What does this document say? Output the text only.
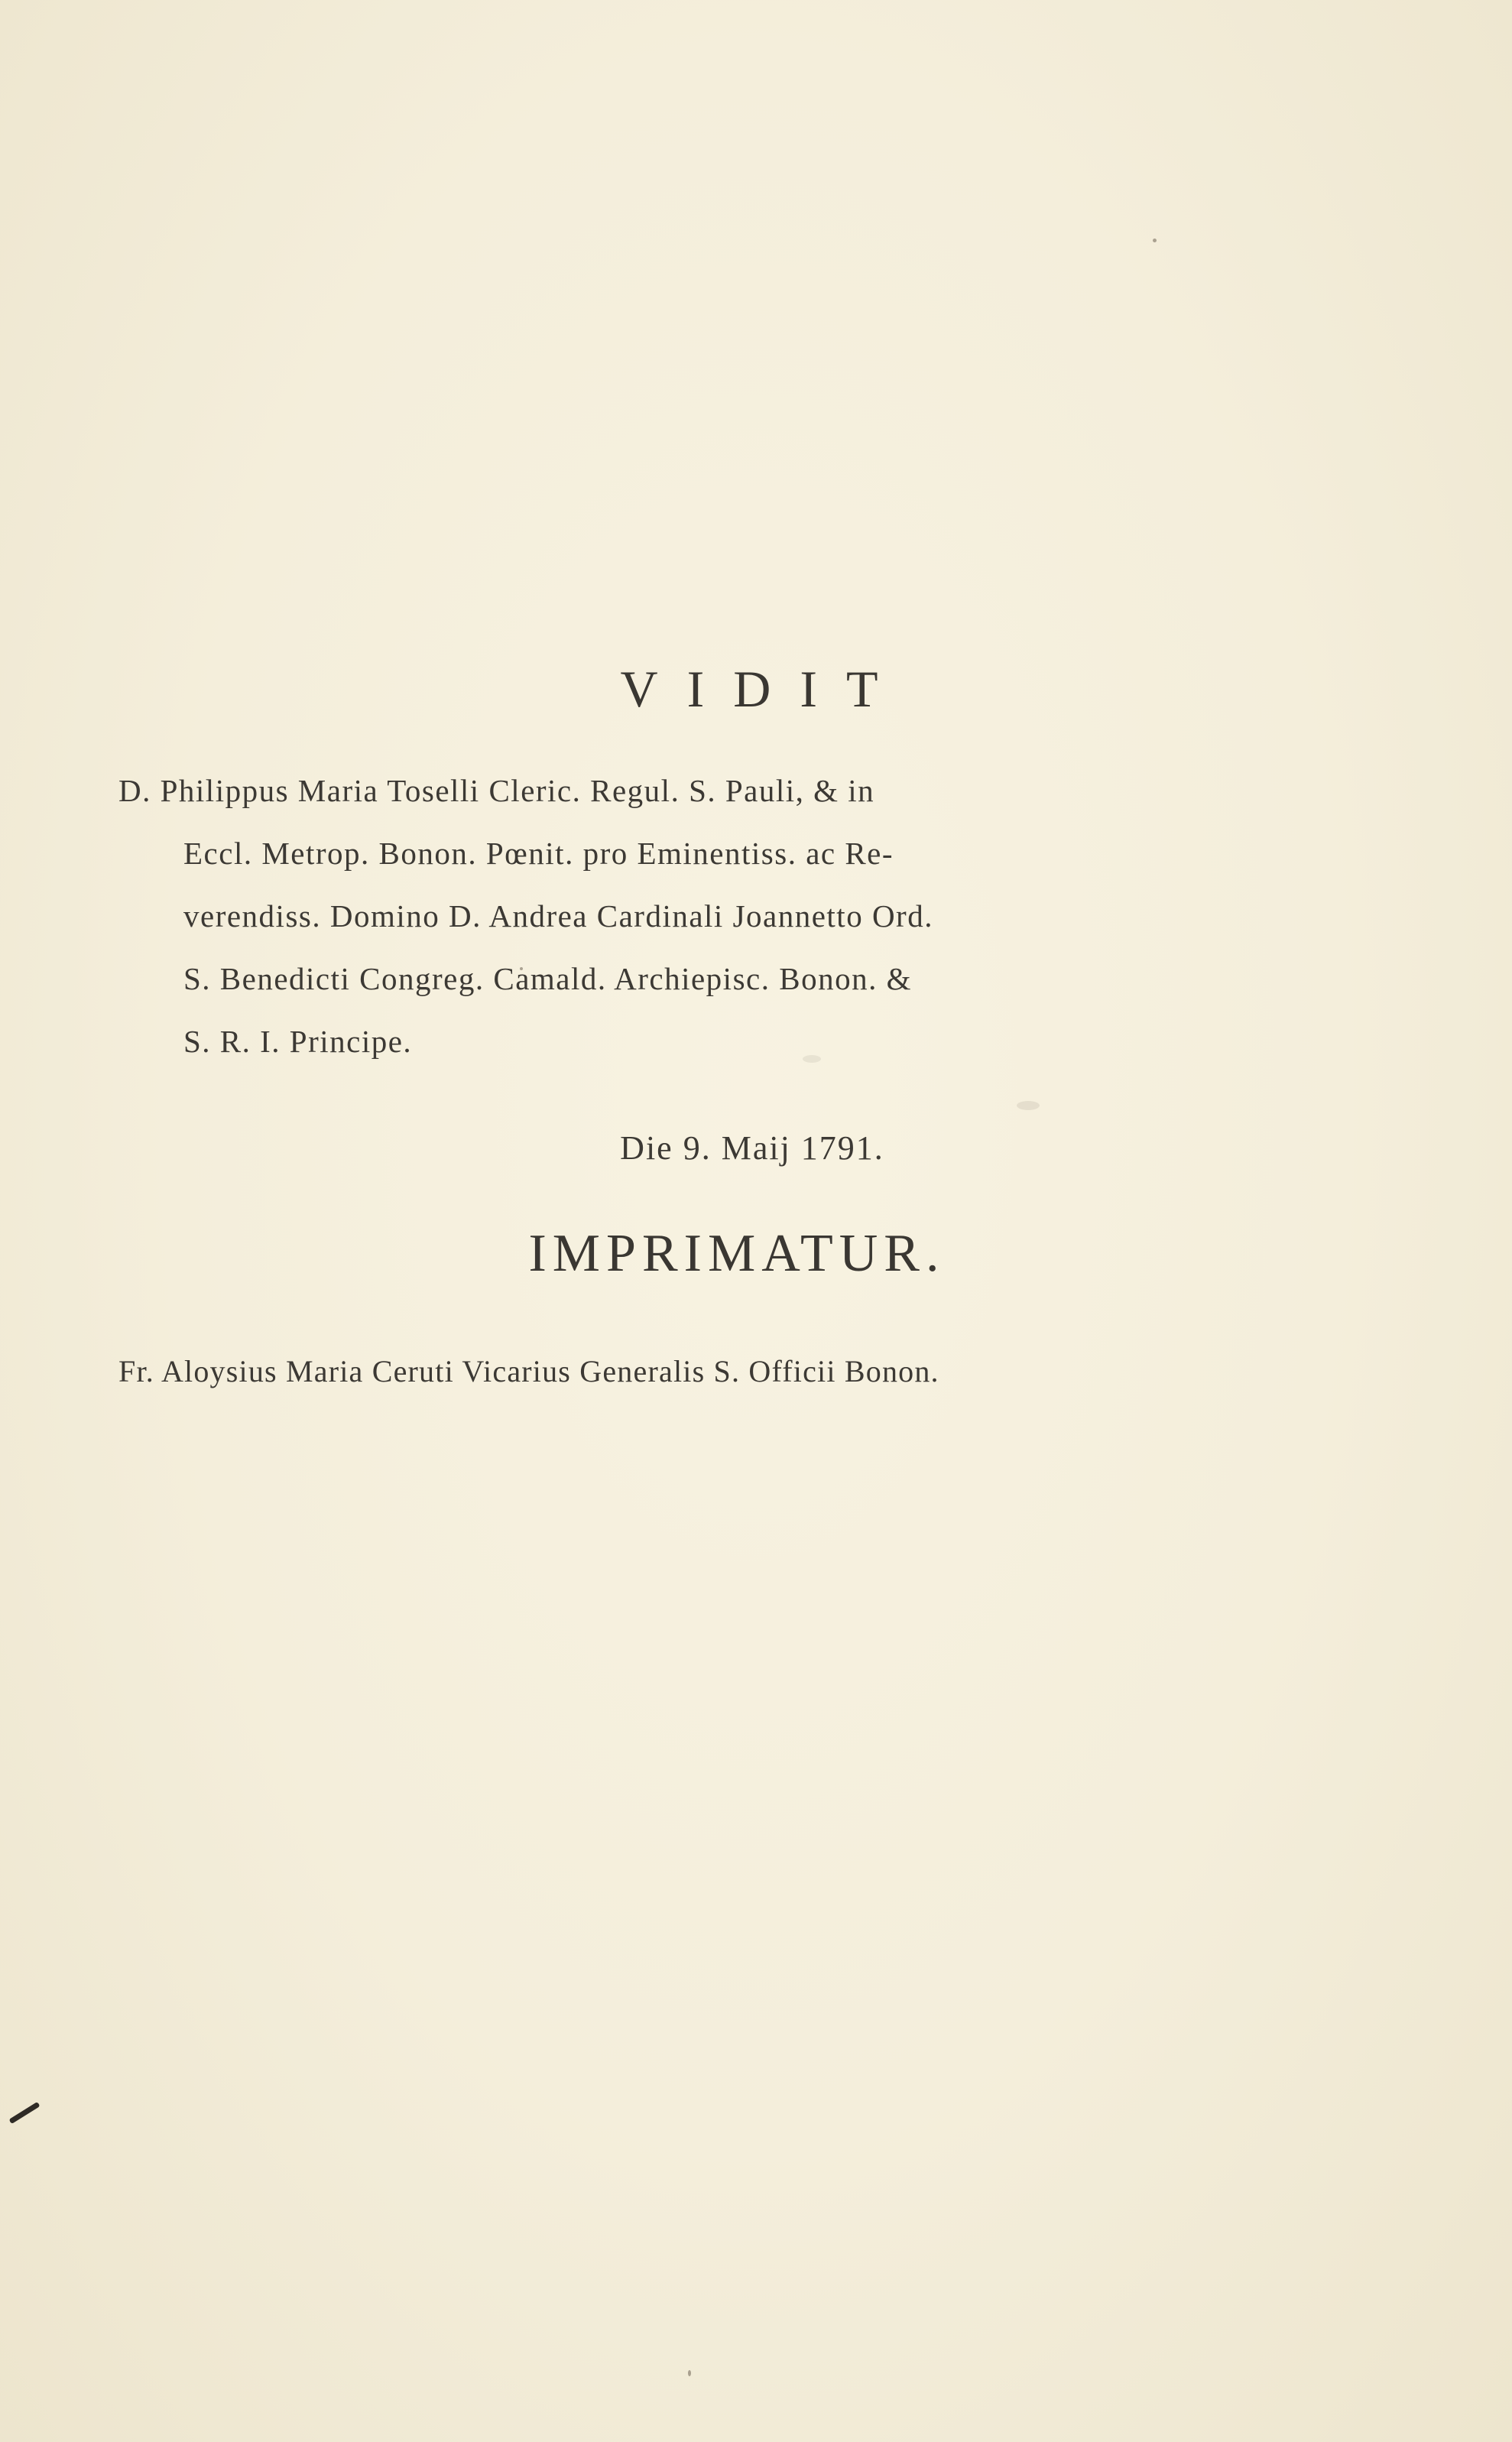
VIDIT
D. Philippus Maria Toselli Cleric. Regul. S. Pauli, & in
Eccl. Metrop. Bonon. Pœnit. pro Eminentiss. ac Re-
verendiss. Domino D. Andrea Cardinali Joannetto Ord.
S. Benedicti Congreg. Camald. Archiepisc. Bonon. &
S. R. I. Principe.
Die 9. Maij 1791.
IMPRIMATUR.
Fr. Aloysius Maria Ceruti Vicarius Generalis S. Officii Bonon.
